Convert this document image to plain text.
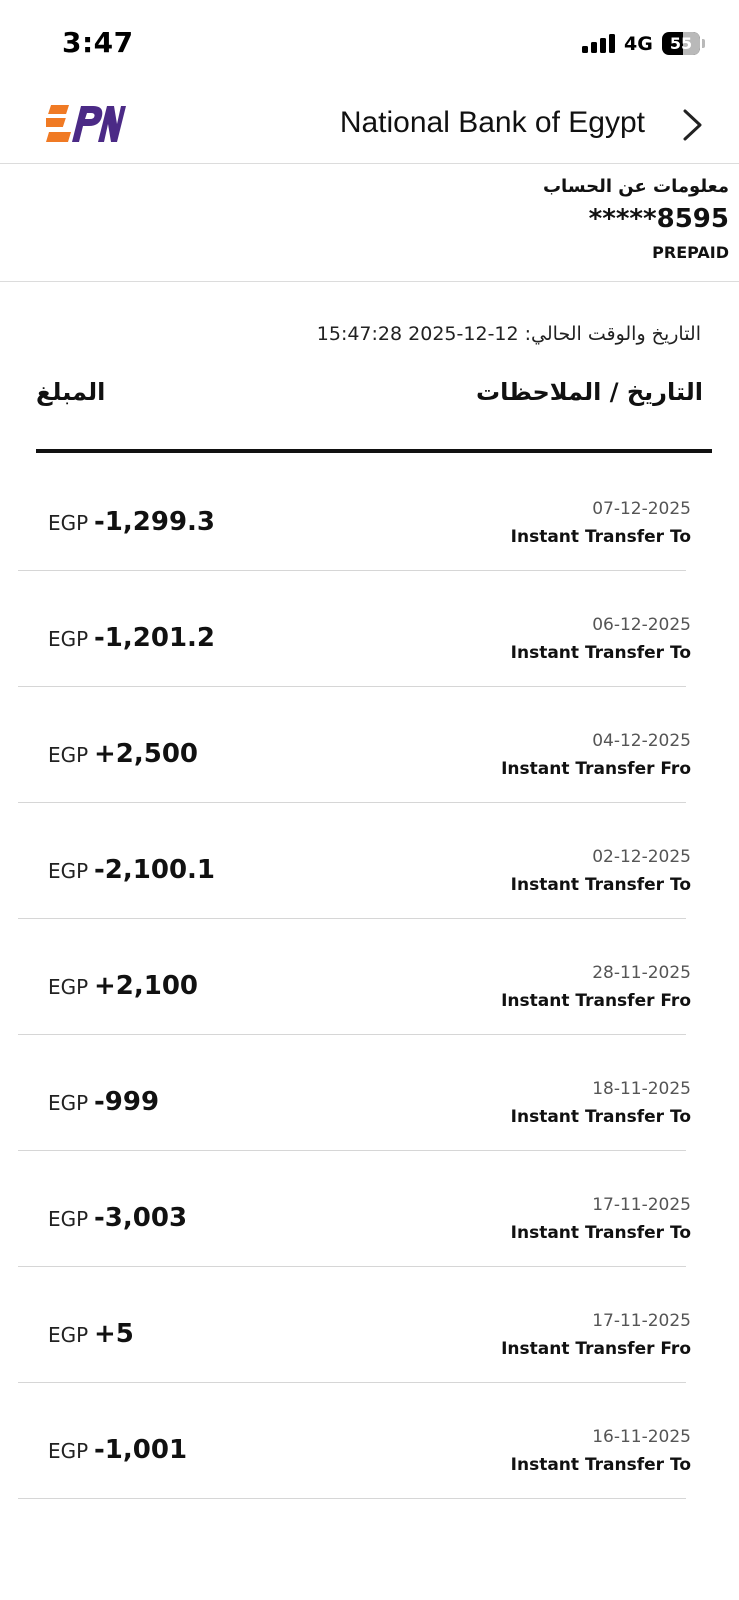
3:47	4G	55
National Bank of Egypt
معلومات عن الحساب
*****8595
PREPAID
التاريخ والوقت الحالي: 12-12-2025 15:47:28
التاريخ / الملاحظات
المبلغ
EGP -1,299.3	07-12-2025
Instant Transfer To
EGP -1,201.2	06-12-2025
Instant Transfer To
EGP +2,500	04-12-2025
Instant Transfer Fro
EGP -2,100.1	02-12-2025
Instant Transfer To
EGP +2,100	28-11-2025
Instant Transfer Fro
EGP -999	18-11-2025
Instant Transfer To
EGP -3,003	17-11-2025
Instant Transfer To
EGP +5	17-11-2025
Instant Transfer Fro
EGP -1,001	16-11-2025
Instant Transfer To
